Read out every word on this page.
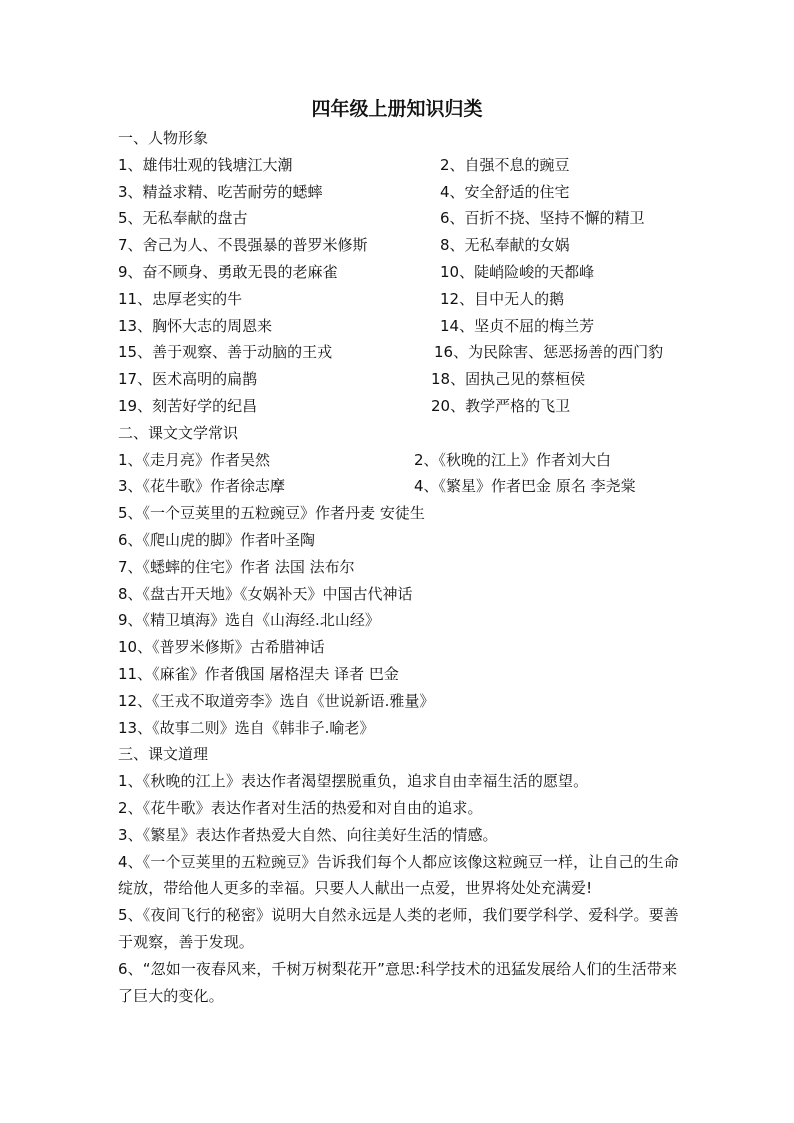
四年级上册知识归类
一、人物形象
1、雄伟壮观的钱塘江大潮	2、自强不息的豌豆
3、精益求精、吃苦耐劳的蟋蟀	4、安全舒适的住宅
5、无私奉献的盘古	6、百折不挠、坚持不懈的精卫
7、舍己为人、不畏强暴的普罗米修斯	8、无私奉献的女娲
9、奋不顾身、勇敢无畏的老麻雀	10、陡峭险峻的天都峰
11、忠厚老实的牛	12、目中无人的鹅
13、胸怀大志的周恩来	14、坚贞不屈的梅兰芳
15、善于观察、善于动脑的王戎	16、为民除害、惩恶扬善的西门豹
17、医术高明的扁鹊	18、固执己见的蔡桓侯
19、刻苦好学的纪昌	20、教学严格的飞卫
二、课文文学常识
1、《走月亮》作者吴然	2、《秋晚的江上》作者刘大白
3、《花牛歌》作者徐志摩	4、《繁星》作者巴金 原名 李尧棠
5、《一个豆荚里的五粒豌豆》作者丹麦 安徒生
6、《爬山虎的脚》作者叶圣陶
7、《蟋蟀的住宅》作者 法国 法布尔
8、《盘古开天地》《女娲补天》中国古代神话
9、《精卫填海》选自《山海经.北山经》
10、《普罗米修斯》古希腊神话
11、《麻雀》作者俄国 屠格涅夫 译者 巴金
12、《王戎不取道旁李》选自《世说新语.雅量》
13、《故事二则》选自《韩非子.喻老》
三、课文道理
1、《秋晚的江上》表达作者渴望摆脱重负，追求自由幸福生活的愿望。
2、《花牛歌》表达作者对生活的热爱和对自由的追求。
3、《繁星》表达作者热爱大自然、向往美好生活的情感。
4、《一个豆荚里的五粒豌豆》告诉我们每个人都应该像这粒豌豆一样，让自己的生命绽放，带给他人更多的幸福。只要人人献出一点爱，世界将处处充满爱!
5、《夜间飞行的秘密》说明大自然永远是人类的老师，我们要学科学、爱科学。要善于观察，善于发现。
6、“忽如一夜春风来，千树万树梨花开”意思:科学技术的迅猛发展给人们的生活带来了巨大的变化。
